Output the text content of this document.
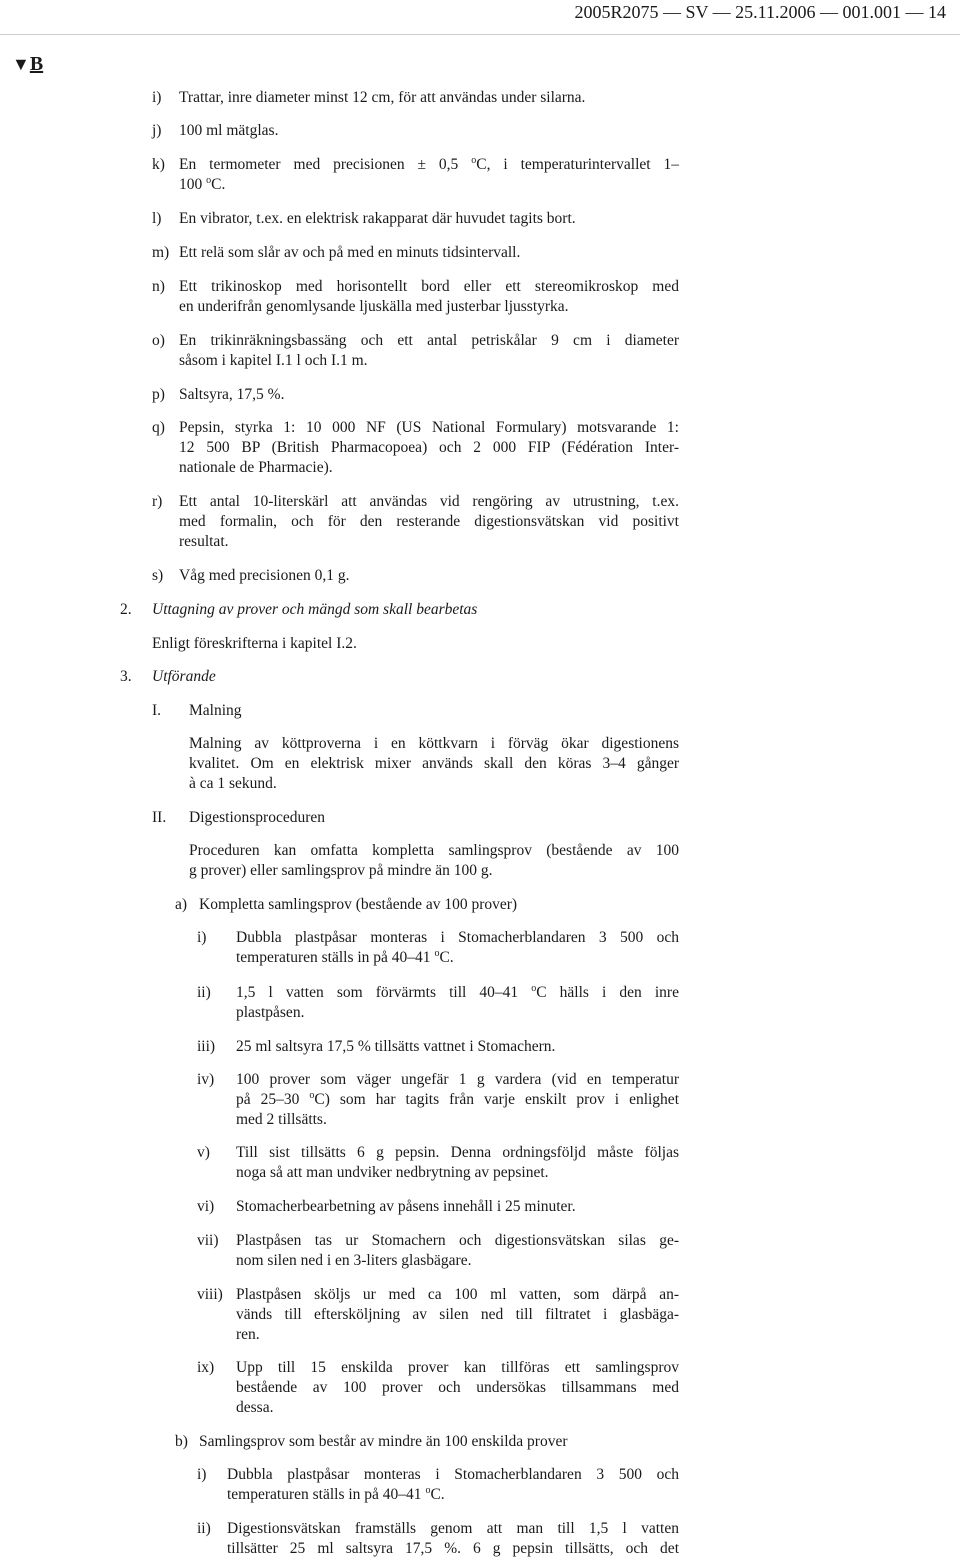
2005R2075 — SV — 25.11.2006 — 001.001 — 14
▼B
i) Trattar, inre diameter minst 12 cm, för att användas under silarna.
j) 100 ml mätglas.
k) En termometer med precisionen ± 0,5 $^o$C, i temperaturintervallet 1–
100 $^o$C.
l) En vibrator, t.ex. en elektrisk rakapparat där huvudet tagits bort.
m) Ett relä som slår av och på med en minuts tidsintervall.
n) Ett trikinoskop med horisontellt bord eller ett stereomikroskop med
en underifrån genomlysande ljuskälla med justerbar ljusstyrka.
o) En trikinräkningsbassäng och ett antal petriskålar 9 cm i diameter
såsom i kapitel I.1 l och I.1 m.
p) Saltsyra, 17,5 %.
q) Pepsin, styrka 1: 10 000 NF (US National Formulary) motsvarande 1:
12 500 BP (British Pharmacopoea) och 2 000 FIP (Fédération Inter-
nationale de Pharmacie).
r) Ett antal 10-literskärl att användas vid rengöring av utrustning, t.ex.
med formalin, och för den resterande digestionsvätskan vid positivt
resultat.
s) Våg med precisionen 0,1 g.
2. Uttagning av prover och mängd som skall bearbetas
Enligt föreskrifterna i kapitel I.2.
3. Utförande
I. Malning
Malning av köttproverna i en köttkvarn i förväg ökar digestionens
kvalitet. Om en elektrisk mixer används skall den köras 3–4 gånger
à ca 1 sekund.
II. Digestionsproceduren
Proceduren kan omfatta kompletta samlingsprov (bestående av 100
g prover) eller samlingsprov på mindre än 100 g.
a) Kompletta samlingsprov (bestående av 100 prover)
i) Dubbla plastpåsar monteras i Stomacherblandaren 3 500 och
temperaturen ställs in på 40–41 $^o$C.
ii) 1,5 l vatten som förvärmts till 40–41 $^o$C hälls i den inre
plastpåsen.
iii) 25 ml saltsyra 17,5 % tillsätts vattnet i Stomachern.
iv) 100 prover som väger ungefär 1 g vardera (vid en temperatur
på 25–30 $^o$C) som har tagits från varje enskilt prov i enlighet
med 2 tillsätts.
v) Till sist tillsätts 6 g pepsin. Denna ordningsföljd måste följas
noga så att man undviker nedbrytning av pepsinet.
vi) Stomacherbearbetning av påsens innehåll i 25 minuter.
vii) Plastpåsen tas ur Stomachern och digestionsvätskan silas ge-
nom silen ned i en 3-liters glasbägare.
viii) Plastpåsen sköljs ur med ca 100 ml vatten, som därpå an-
vänds till eftersköljning av silen ned till filtratet i glasbäga-
ren.
ix) Upp till 15 enskilda prover kan tillföras ett samlingsprov
bestående av 100 prover och undersökas tillsammans med
dessa.
b) Samlingsprov som består av mindre än 100 enskilda prover
i) Dubbla plastpåsar monteras i Stomacherblandaren 3 500 och
temperaturen ställs in på 40–41 $^o$C.
ii) Digestionsvätskan framställs genom att man till 1,5 l vatten
tillsätter 25 ml saltsyra 17,5 %. 6 g pepsin tillsätts, och det
